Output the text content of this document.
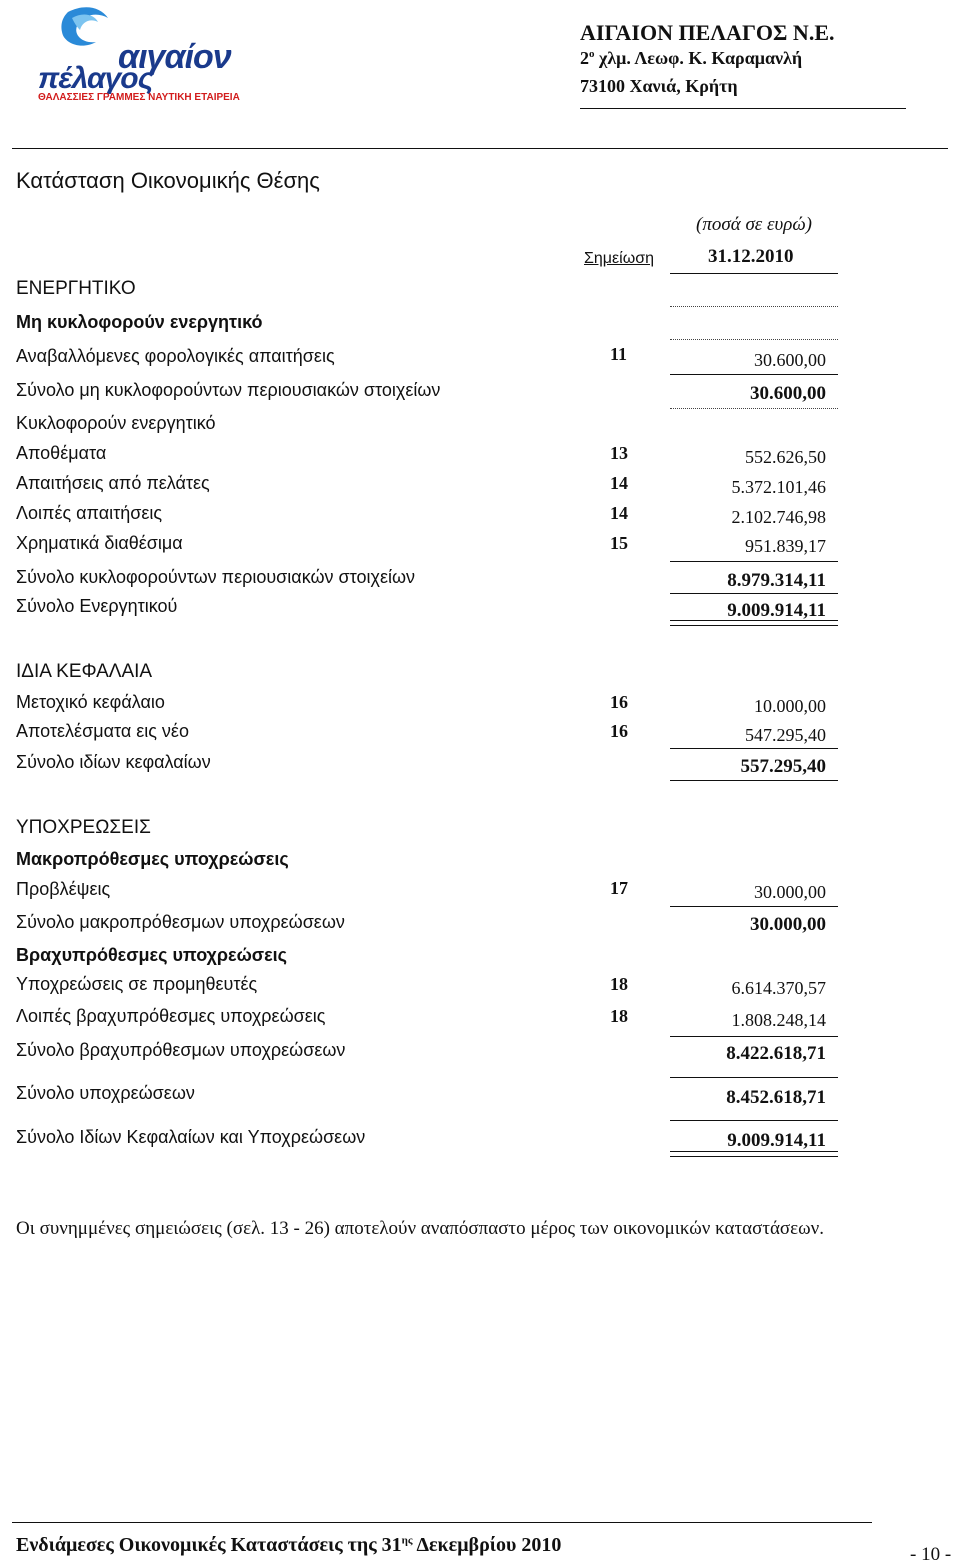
αιγαίον
πέλαγος
ΘΑΛΑΣΣΙΕΣ ΓΡΑΜΜΕΣ ΝΑΥΤΙΚΗ ΕΤΑΙΡΕΙΑ
ΑΙΓΑΙΟΝ ΠΕΛΑΓΟΣ Ν.Ε.
$2^o$ χλμ. Λεωφ. Κ. Καραμανλή
73100 Χανιά, Κρήτη
Κατάσταση Οικονομικής Θέσης
(ποσά σε ευρώ)
Σημείωση	31.12.2010
ΕΝΕΡΓΗΤΙΚΟ
Μη κυκλοφορούν ενεργητικό
Αναβαλλόμενες φορολογικές απαιτήσεις	11	30.600,00
Σύνολο μη κυκλοφορούντων περιουσιακών στοιχείων	30.600,00
Κυκλοφορούν ενεργητικό
Αποθέματα	13	552.626,50
Απαιτήσεις από πελάτες	14	5.372.101,46
Λοιπές απαιτήσεις	14	2.102.746,98
Χρηματικά διαθέσιμα	15	951.839,17
Σύνολο κυκλοφορούντων περιουσιακών στοιχείων	8.979.314,11
Σύνολο Ενεργητικού	9.009.914,11
ΙΔΙΑ ΚΕΦΑΛΑΙΑ
Μετοχικό κεφάλαιο	16	10.000,00
Αποτελέσματα εις νέο	16	547.295,40
Σύνολο ιδίων κεφαλαίων	557.295,40
ΥΠΟΧΡΕΩΣΕΙΣ
Μακροπρόθεσμες υποχρεώσεις
Προβλέψεις	17	30.000,00
Σύνολο μακροπρόθεσμων υποχρεώσεων	30.000,00
Βραχυπρόθεσμες υποχρεώσεις
Υποχρεώσεις σε προμηθευτές	18	6.614.370,57
Λοιπές βραχυπρόθεσμες υποχρεώσεις	18	1.808.248,14
Σύνολο βραχυπρόθεσμων υποχρεώσεων	8.422.618,71
Σύνολο υποχρεώσεων	8.452.618,71
Σύνολο Ιδίων Κεφαλαίων και Υποχρεώσεων	9.009.914,11
Οι συνημμένες σημειώσεις (σελ. 13 - 26) αποτελούν αναπόσπαστο μέρος των οικονομικών καταστάσεων.
Ενδιάμεσες Οικονομικές Καταστάσεις της $31^{\eta\varsigma}$ Δεκεμβρίου 2010	- 10 -
